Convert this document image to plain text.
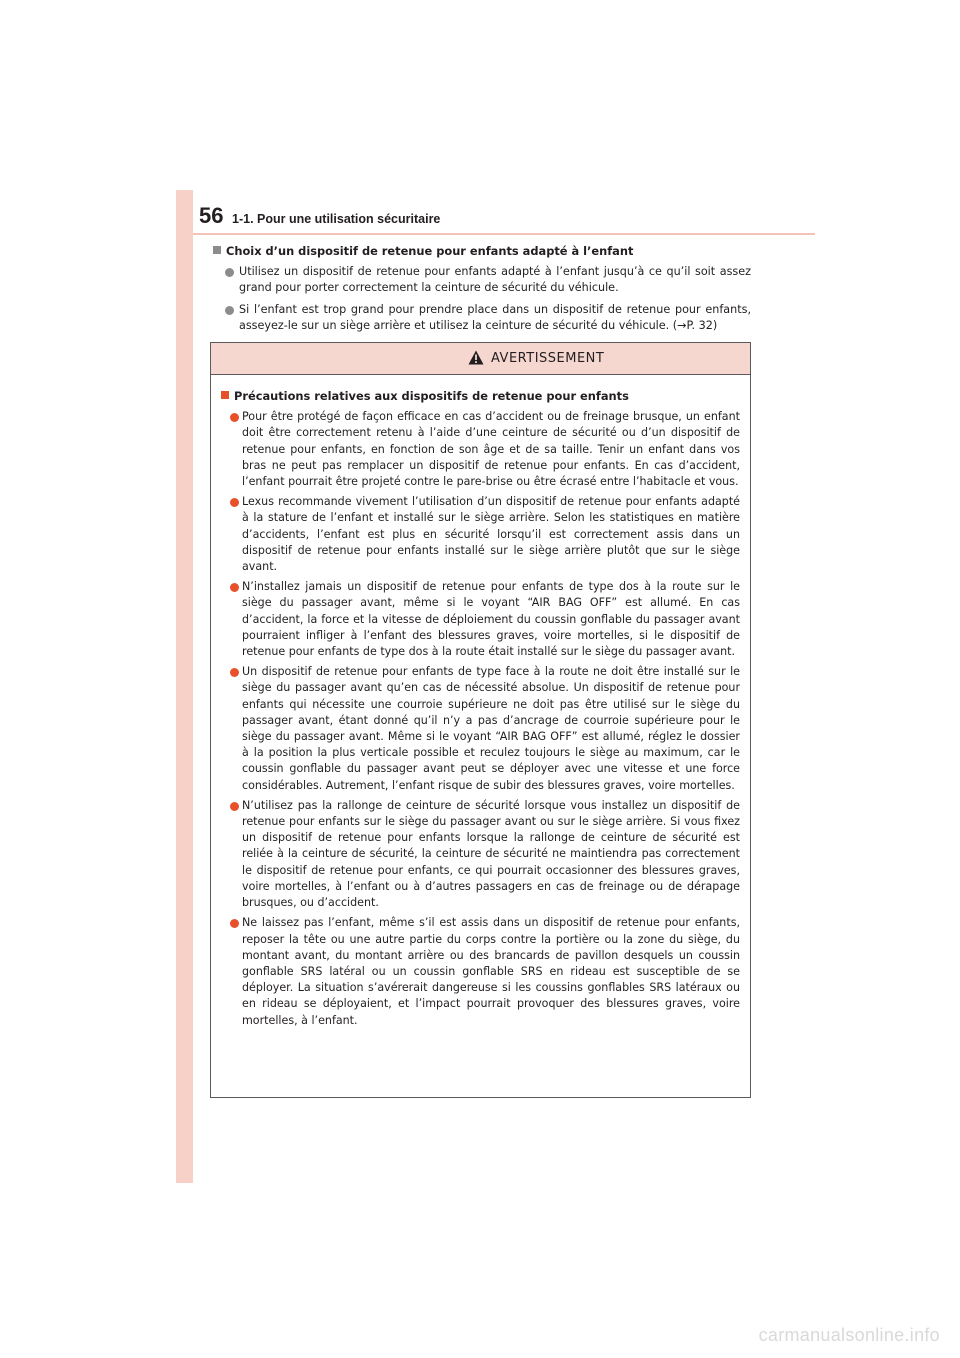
56 1-1. Pour une utilisation sécuritaire
Choix d’un dispositif de retenue pour enfants adapté à l’enfant
Utilisez un dispositif de retenue pour enfants adapté à l’enfant jusqu’à ce qu’il soit assez grand pour porter correctement la ceinture de sécurité du véhicule.
Si l’enfant est trop grand pour prendre place dans un dispositif de retenue pour enfants, asseyez-le sur un siège arrière et utilisez la ceinture de sécurité du véhicule. (→P. 32)
AVERTISSEMENT
Précautions relatives aux dispositifs de retenue pour enfants
Pour être protégé de façon efficace en cas d’accident ou de freinage brusque, un enfant doit être correctement retenu à l’aide d’une ceinture de sécurité ou d’un dispositif de retenue pour enfants, en fonction de son âge et de sa taille. Tenir un enfant dans vos bras ne peut pas remplacer un dispositif de retenue pour enfants. En cas d’accident, l’enfant pourrait être projeté contre le pare-brise ou être écrasé entre l’habitacle et vous.
Lexus recommande vivement l’utilisation d’un dispositif de retenue pour enfants adapté à la stature de l’enfant et installé sur le siège arrière. Selon les statistiques en matière d’accidents, l’enfant est plus en sécurité lorsqu’il est correctement assis dans un dispositif de retenue pour enfants installé sur le siège arrière plutôt que sur le siège avant.
N’installez jamais un dispositif de retenue pour enfants de type dos à la route sur le siège du passager avant, même si le voyant “AIR BAG OFF” est allumé. En cas d’accident, la force et la vitesse de déploiement du coussin gonflable du passager avant pourraient infliger à l’enfant des blessures graves, voire mortelles, si le dispositif de retenue pour enfants de type dos à la route était installé sur le siège du passager avant.
Un dispositif de retenue pour enfants de type face à la route ne doit être installé sur le siège du passager avant qu’en cas de nécessité absolue. Un dispositif de retenue pour enfants qui nécessite une courroie supérieure ne doit pas être utilisé sur le siège du passager avant, étant donné qu’il n’y a pas d’ancrage de courroie supérieure pour le siège du passager avant. Même si le voyant “AIR BAG OFF” est allumé, réglez le dossier à la position la plus verticale possible et reculez toujours le siège au maximum, car le coussin gonflable du passager avant peut se déployer avec une vitesse et une force considérables. Autrement, l’enfant risque de subir des blessures graves, voire mortelles.
N’utilisez pas la rallonge de ceinture de sécurité lorsque vous installez un dispositif de retenue pour enfants sur le siège du passager avant ou sur le siège arrière. Si vous fixez un dispositif de retenue pour enfants lorsque la rallonge de ceinture de sécurité est reliée à la ceinture de sécurité, la ceinture de sécurité ne maintiendra pas correctement le dispositif de retenue pour enfants, ce qui pourrait occasionner des blessures graves, voire mortelles, à l’enfant ou à d’autres passagers en cas de freinage ou de dérapage brusques, ou d’accident.
Ne laissez pas l’enfant, même s’il est assis dans un dispositif de retenue pour enfants, reposer la tête ou une autre partie du corps contre la portière ou la zone du siège, du montant avant, du montant arrière ou des brancards de pavillon desquels un coussin gonflable SRS latéral ou un coussin gonflable SRS en rideau est susceptible de se déployer. La situation s’avérerait dangereuse si les coussins gonflables SRS latéraux ou en rideau se déployaient, et l’impact pourrait provoquer des blessures graves, voire mortelles, à l’enfant.
carmanualsonline.info
